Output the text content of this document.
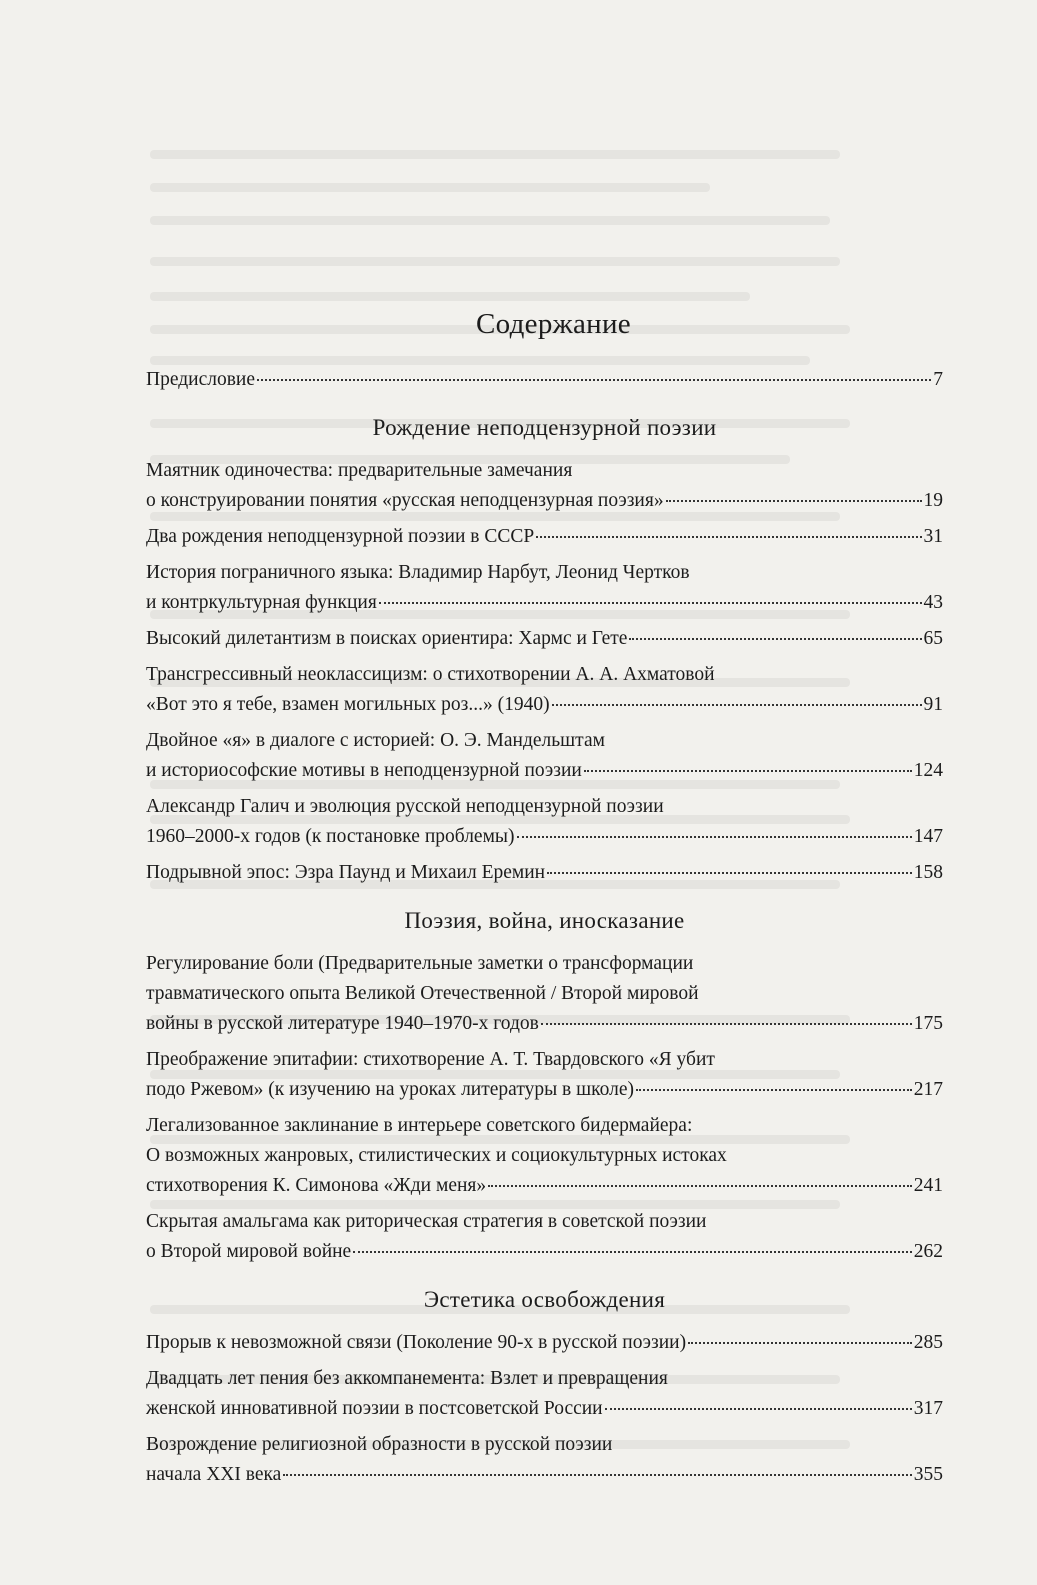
Содержание
Предисловие	7
Рождение неподцензурной поэзии
Маятник одиночества: предварительные замечания
о конструировании понятия «русская неподцензурная поэзия»	19
Два рождения неподцензурной поэзии в СССР	31
История пограничного языка: Владимир Нарбут, Леонид Чертков
и контркультурная функция	43
Высокий дилетантизм в поисках ориентира: Хармс и Гете	65
Трансгрессивный неоклассицизм: о стихотворении А. А. Ахматовой
«Вот это я тебе, взамен могильных роз...» (1940)	91
Двойное «я» в диалоге с историей: О. Э. Мандельштам
и историософские мотивы в неподцензурной поэзии	124
Александр Галич и эволюция русской неподцензурной поэзии
1960–2000-х годов (к постановке проблемы)	147
Подрывной эпос: Эзра Паунд и Михаил Еремин	158
Поэзия, война, иносказание
Регулирование боли (Предварительные заметки о трансформации
травматического опыта Великой Отечественной / Второй мировой
войны в русской литературе 1940–1970-х годов	175
Преображение эпитафии: стихотворение А. Т. Твардовского «Я убит
подо Ржевом» (к изучению на уроках литературы в школе)	217
Легализованное заклинание в интерьере советского бидермайера:
О возможных жанровых, стилистических и социокультурных истоках
стихотворения К. Симонова «Жди меня»	241
Скрытая амальгама как риторическая стратегия в советской поэзии
о Второй мировой войне	262
Эстетика освобождения
Прорыв к невозможной связи (Поколение 90-х в русской поэзии)	285
Двадцать лет пения без аккомпанемента: Взлет и превращения
женской инновативной поэзии в постсоветской России	317
Возрождение религиозной образности в русской поэзии
начала XXI века	355
